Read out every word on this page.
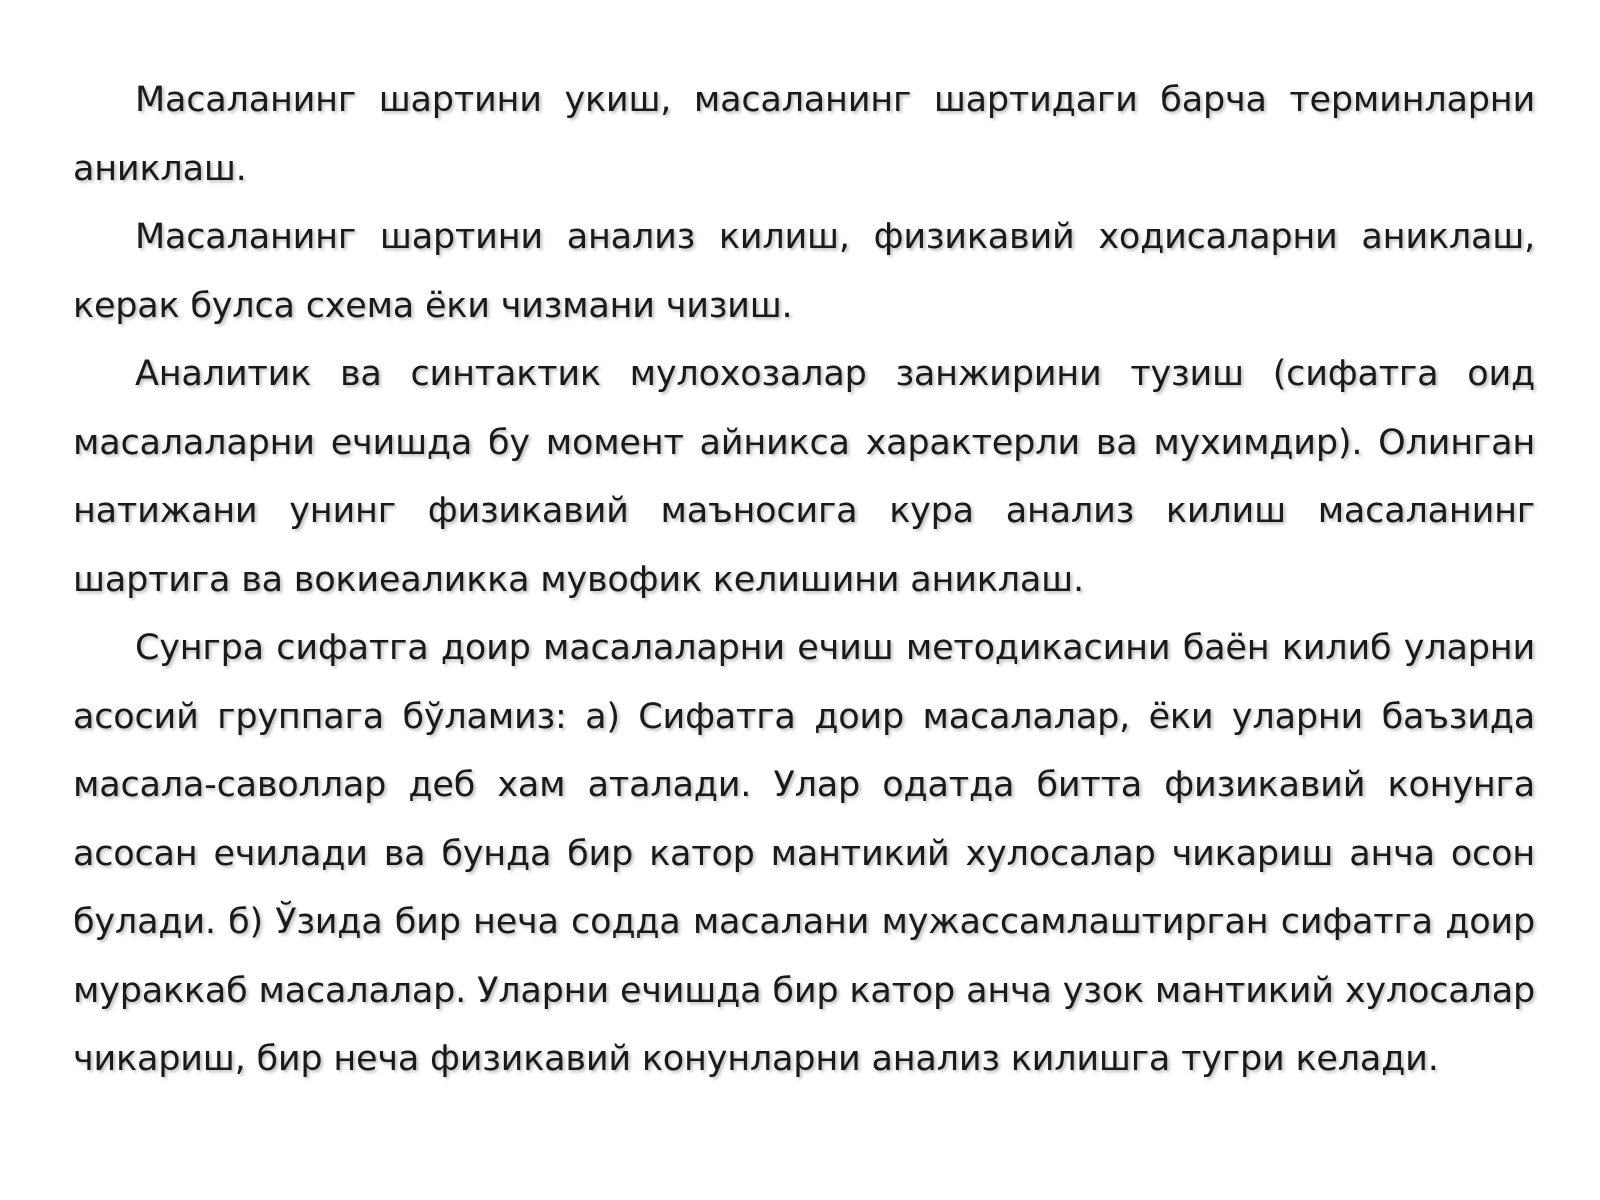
Масаланинг шартини укиш, масаланинг шартидаги барча терминларни аниклаш.

Масаланинг шартини анализ килиш, физикавий ходисаларни аниклаш, керак булса схема ёки чизмани чизиш.

Аналитик ва синтактик мулохозалар занжирини тузиш (сифатга оид масалаларни ечишда бу момент айникса характерли ва мухимдир). Олинган натижани унинг физикавий маъносига кура анализ килиш масаланинг шартига ва вокиеаликка мувофик келишини аниклаш.

Сунгра сифатга доир масалаларни ечиш методикасини баён килиб уларни асосий группага бўламиз: а) Сифатга доир масалалар, ёки уларни баъзида масала-саволлар деб хам аталади. Улар одатда битта физикавий конунга асосан ечилади ва бунда бир катор мантикий хулосалар чикариш анча осон булади. б) Ўзида бир неча содда масалани мужассамлаштирган сифатга доир мураккаб масалалар. Уларни ечишда бир катор анча узок мантикий хулосалар чикариш, бир неча физикавий конунларни анализ килишга тугри келади.
